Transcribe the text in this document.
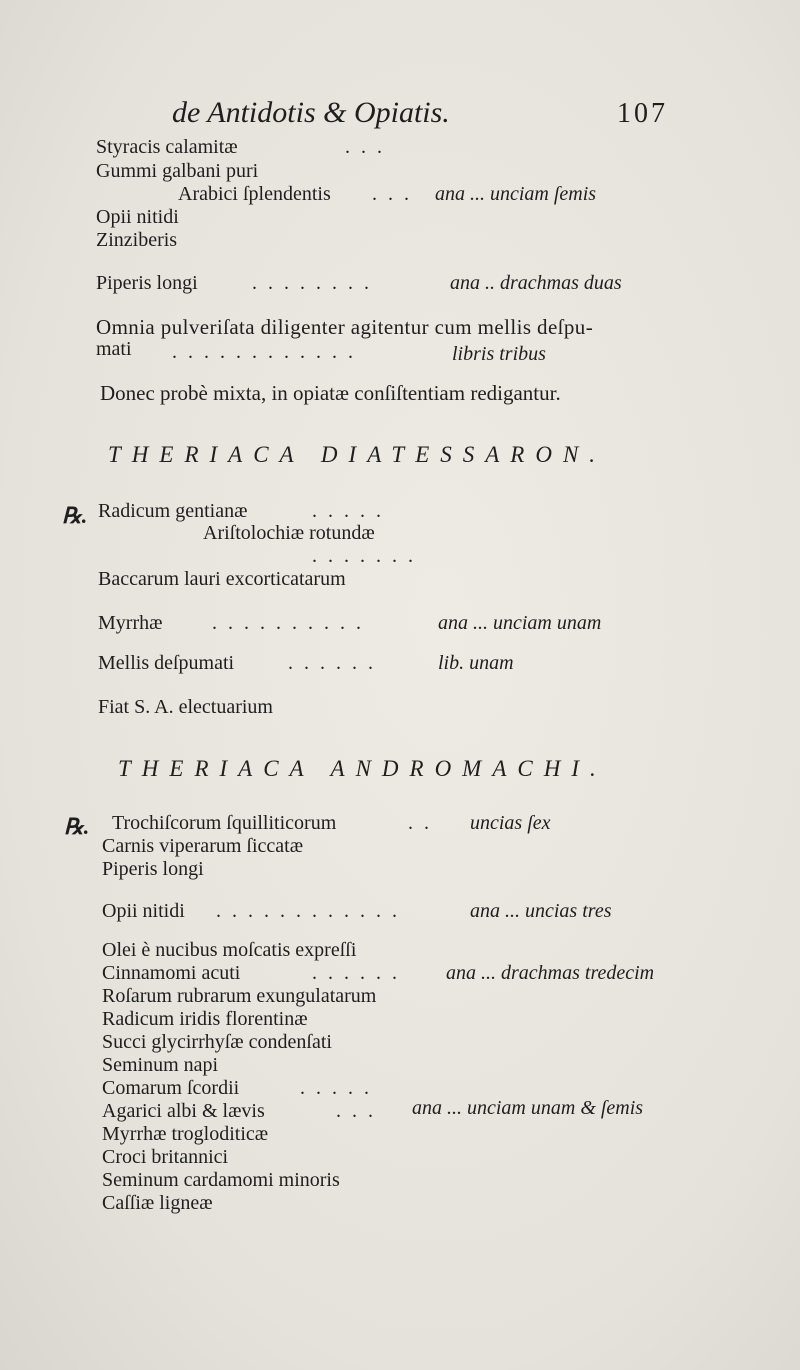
de Antidotis & Opiatis.	107
Styracis calamitæ	. . .
Gummi galbani puri
Arabici ſplendentis . . . ana ... unciam ſemis
Opii nitidi
Zinziberis
Piperis longi	. . . . . . . .	ana .. drachmas duas
Omnia pulveriſata diligenter agitentur cum mellis deſpu-
mati . . . . . . . . . . . .	libris tribus
Donec probè mixta, in opiatæ conſiſtentiam redigantur.
THERIACA DIATESSARON.
℞. Radicum gentianæ	. . . . .
Ariſtolochiæ rotundæ
. . . . . . .
Baccarum lauri excorticatarum
Myrrhæ . . . . . . . . . .	ana ... unciam unam
Mellis deſpumati	. . . . . .	lib. unam
Fiat S. A. electuarium
THERIACA ANDROMACHI.
℞. Trochiſcorum ſquilliticorum	. . uncias ſex
Carnis viperarum ſiccatæ
Piperis longi
Opii nitidi . . . . . . . . . . . .	ana ... uncias tres
Olei è nucibus moſcatis expreſſi
Cinnamomi acuti	. . . . . . ana ... drachmas tredecim
Roſarum rubrarum exungulatarum
Radicum iridis florentinæ
Succi glycirrhyſæ condenſati
Seminum napi
Comarum ſcordii	. . . . .
Agarici albi & lævis	. . . ana ... unciam unam & ſemis
Myrrhæ trogloditicæ
Croci britannici
Seminum cardamomi minoris
Caſſiæ ligneæ
